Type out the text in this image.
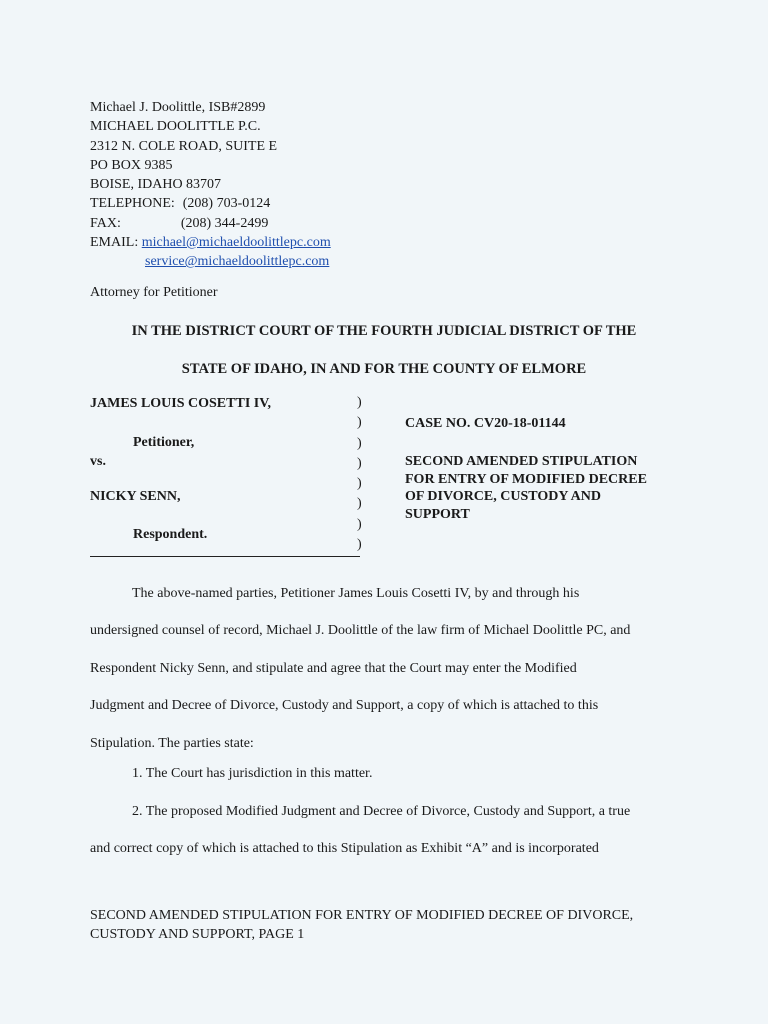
Michael J. Doolittle, ISB#2899
MICHAEL DOOLITTLE P.C.
2312 N. COLE ROAD, SUITE E
PO BOX 9385
BOISE, IDAHO 83707
TELEPHONE: (208) 703-0124
FAX:	(208) 344-2499
EMAIL: michael@michaeldoolittlepc.com
service@michaeldoolittlepc.com
Attorney for Petitioner
IN THE DISTRICT COURT OF THE FOURTH JUDICIAL DISTRICT OF THE
STATE OF IDAHO, IN AND FOR THE COUNTY OF ELMORE
JAMES LOUIS COSETTI IV,
Petitioner,
vs.
NICKY SENN,
Respondent.
)
)
)
)
)
)
)
)
CASE NO. CV20-18-01144
SECOND AMENDED STIPULATION
FOR ENTRY OF MODIFIED DECREE
OF DIVORCE, CUSTODY AND
SUPPORT
The above-named parties, Petitioner James Louis Cosetti IV, by and through his
undersigned counsel of record, Michael J. Doolittle of the law firm of Michael Doolittle PC, and
Respondent Nicky Senn, and stipulate and agree that the Court may enter the Modified
Judgment and Decree of Divorce, Custody and Support, a copy of which is attached to this
Stipulation. The parties state:
1. The Court has jurisdiction in this matter.
2. The proposed Modified Judgment and Decree of Divorce, Custody and Support, a true
and correct copy of which is attached to this Stipulation as Exhibit “A” and is incorporated
SECOND AMENDED STIPULATION FOR ENTRY OF MODIFIED DECREE OF DIVORCE,
CUSTODY AND SUPPORT, PAGE 1
